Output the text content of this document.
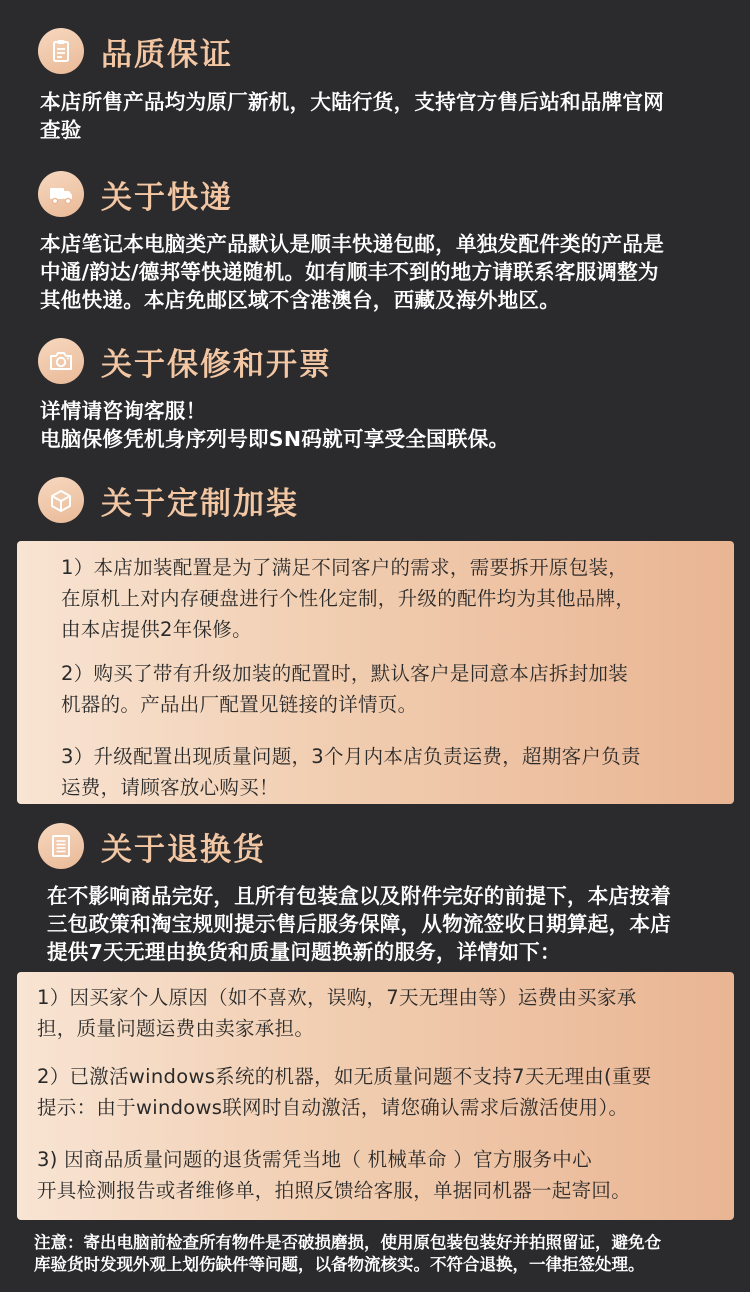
品质保证
本店所售产品均为原厂新机，大陆行货，支持官方售后站和品牌官网
查验
关于快递
本店笔记本电脑类产品默认是顺丰快递包邮，单独发配件类的产品是
中通/韵达/德邦等快递随机。如有顺丰不到的地方请联系客服调整为
其他快递。本店免邮区域不含港澳台，西藏及海外地区。
关于保修和开票
详情请咨询客服！
电脑保修凭机身序列号即SN码就可享受全国联保。
关于定制加装
1）本店加装配置是为了满足不同客户的需求，需要拆开原包装，
在原机上对内存硬盘进行个性化定制，升级的配件均为其他品牌，
由本店提供2年保修。
2）购买了带有升级加装的配置时，默认客户是同意本店拆封加装
机器的。产品出厂配置见链接的详情页。
3）升级配置出现质量问题，3个月内本店负责运费，超期客户负责
运费，请顾客放心购买！
关于退换货
在不影响商品完好，且所有包装盒以及附件完好的前提下，本店按着
三包政策和淘宝规则提示售后服务保障，从物流签收日期算起，本店
提供7天无理由换货和质量问题换新的服务，详情如下：
1）因买家个人原因（如不喜欢，误购，7天无理由等）运费由买家承
担，质量问题运费由卖家承担。
2）已激活windows系统的机器，如无质量问题不支持7天无理由(重要
提示：由于windows联网时自动激活，请您确认需求后激活使用）。
3) 因商品质量问题的退货需凭当地（ 机械革命 ）官方服务中心
开具检测报告或者维修单，拍照反馈给客服，单据同机器一起寄回。
注意：寄出电脑前检查所有物件是否破损磨损，使用原包装包装好并拍照留证，避免仓
库验货时发现外观上划伤缺件等问题，以备物流核实。不符合退换，一律拒签处理。
